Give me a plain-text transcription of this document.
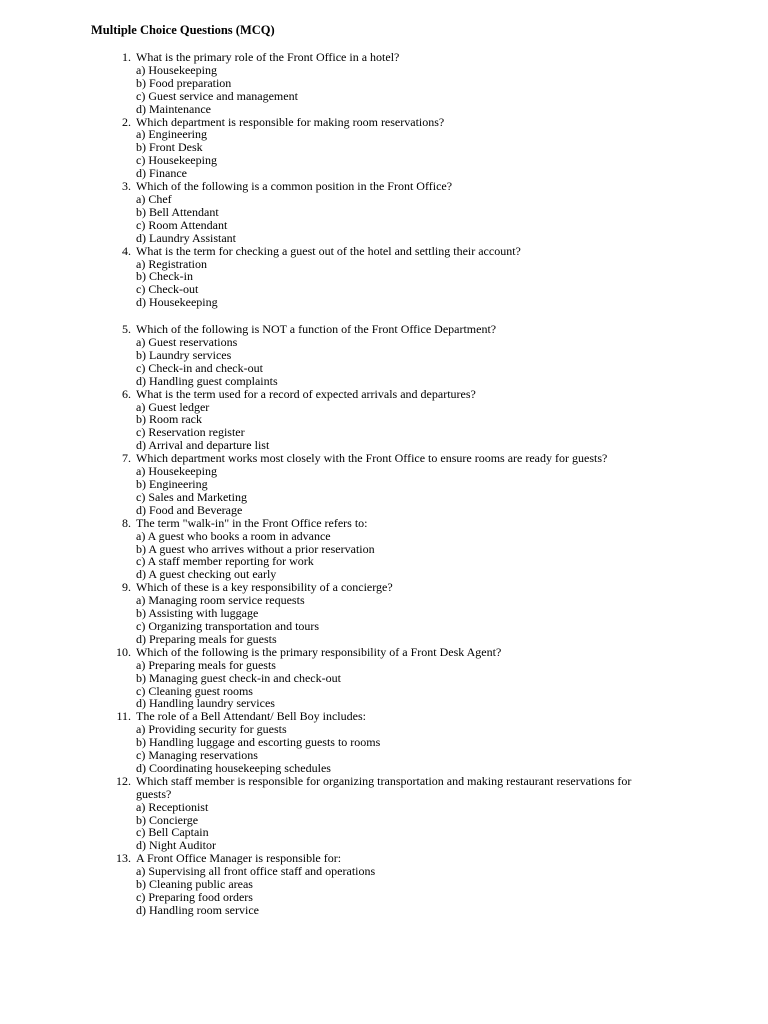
Multiple Choice Questions (MCQ)
1. What is the primary role of the Front Office in a hotel?
a) Housekeeping
b) Food preparation
c) Guest service and management
d) Maintenance
2. Which department is responsible for making room reservations?
a) Engineering
b) Front Desk
c) Housekeeping
d) Finance
3. Which of the following is a common position in the Front Office?
a) Chef
b) Bell Attendant
c) Room Attendant
d) Laundry Assistant
4. What is the term for checking a guest out of the hotel and settling their account?
a) Registration
b) Check-in
c) Check-out
d) Housekeeping
5. Which of the following is NOT a function of the Front Office Department?
a) Guest reservations
b) Laundry services
c) Check-in and check-out
d) Handling guest complaints
6. What is the term used for a record of expected arrivals and departures?
a) Guest ledger
b) Room rack
c) Reservation register
d) Arrival and departure list
7. Which department works most closely with the Front Office to ensure rooms are ready for guests?
a) Housekeeping
b) Engineering
c) Sales and Marketing
d) Food and Beverage
8. The term "walk-in" in the Front Office refers to:
a) A guest who books a room in advance
b) A guest who arrives without a prior reservation
c) A staff member reporting for work
d) A guest checking out early
9. Which of these is a key responsibility of a concierge?
a) Managing room service requests
b) Assisting with luggage
c) Organizing transportation and tours
d) Preparing meals for guests
10. Which of the following is the primary responsibility of a Front Desk Agent?
a) Preparing meals for guests
b) Managing guest check-in and check-out
c) Cleaning guest rooms
d) Handling laundry services
11. The role of a Bell Attendant/ Bell Boy includes:
a) Providing security for guests
b) Handling luggage and escorting guests to rooms
c) Managing reservations
d) Coordinating housekeeping schedules
12. Which staff member is responsible for organizing transportation and making restaurant reservations for guests?
a) Receptionist
b) Concierge
c) Bell Captain
d) Night Auditor
13. A Front Office Manager is responsible for:
a) Supervising all front office staff and operations
b) Cleaning public areas
c) Preparing food orders
d) Handling room service
